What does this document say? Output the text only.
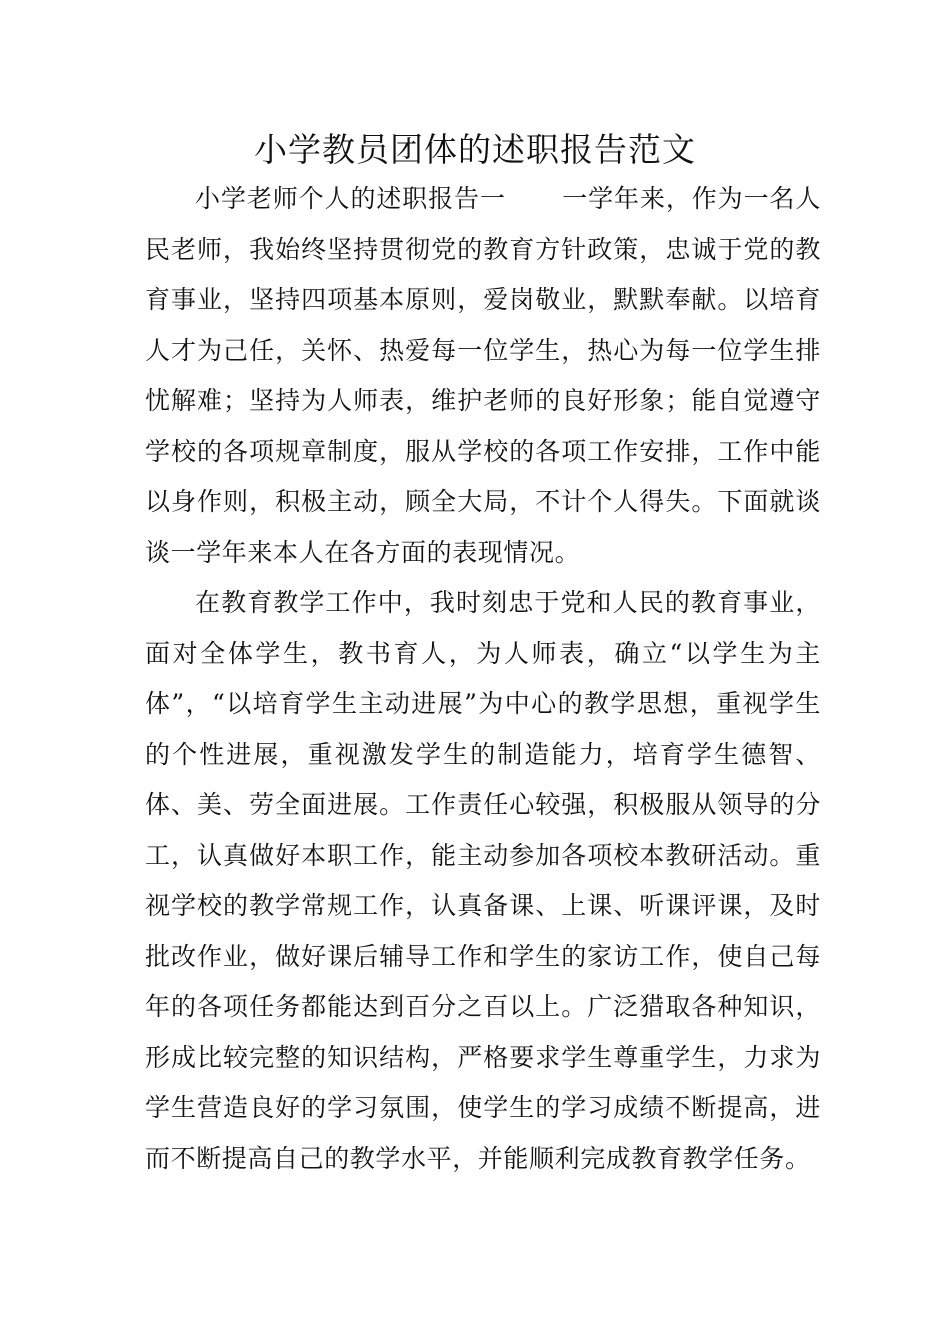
小学教员团体的述职报告范文

小学老师个人的述职报告一 一学年来，作为一名人民老师，我始终坚持贯彻党的教育方针政策，忠诚于党的教育事业，坚持四项基本原则，爱岗敬业，默默奉献。以培育人才为己任，关怀、热爱每一位学生，热心为每一位学生排忧解难；坚持为人师表，维护老师的良好形象；能自觉遵守学校的各项规章制度，服从学校的各项工作安排，工作中能以身作则，积极主动，顾全大局，不计个人得失。下面就谈谈一学年来本人在各方面的表现情况。

在教育教学工作中，我时刻忠于党和人民的教育事业，面对全体学生，教书育人，为人师表，确立“以学生为主体”，“以培育学生主动进展”为中心的教学思想，重视学生的个性进展，重视激发学生的制造能力，培育学生德智、体、美、劳全面进展。工作责任心较强，积极服从领导的分工，认真做好本职工作，能主动参加各项校本教研活动。重视学校的教学常规工作，认真备课、上课、听课评课，及时批改作业，做好课后辅导工作和学生的家访工作，使自己每年的各项任务都能达到百分之百以上。广泛猎取各种知识，形成比较完整的知识结构，严格要求学生尊重学生，力求为学生营造良好的学习氛围，使学生的学习成绩不断提高，进而不断提高自己的教学水平，并能顺利完成教育教学任务。
